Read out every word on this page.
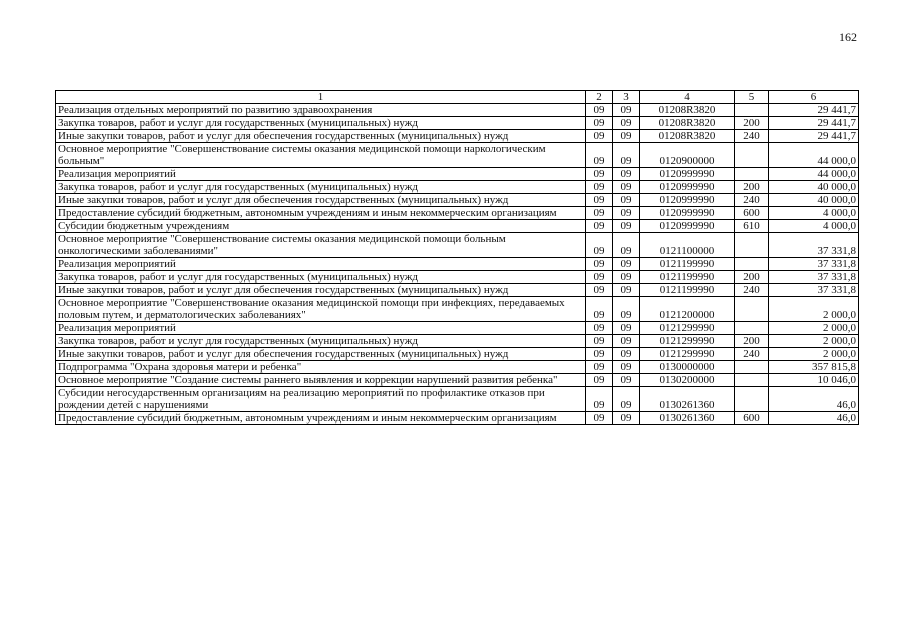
162
1	2	3	4	5	6
Реализация отдельных мероприятий по развитию здравоохранения	09	09	01208R3820		29 441,7
Закупка товаров, работ и услуг для государственных (муниципальных) нужд	09	09	01208R3820	200	29 441,7
Иные закупки товаров, работ и услуг для обеспечения государственных (муниципальных) нужд	09	09	01208R3820	240	29 441,7
Основное мероприятие "Совершенствование системы оказания медицинской помощи наркологическим больным"	09	09	0120900000		44 000,0
Реализация мероприятий	09	09	0120999990		44 000,0
Закупка товаров, работ и услуг для государственных (муниципальных) нужд	09	09	0120999990	200	40 000,0
Иные закупки товаров, работ и услуг для обеспечения государственных (муниципальных) нужд	09	09	0120999990	240	40 000,0
Предоставление субсидий бюджетным, автономным учреждениям и иным некоммерческим организациям	09	09	0120999990	600	4 000,0
Субсидии бюджетным учреждениям	09	09	0120999990	610	4 000,0
Основное мероприятие "Совершенствование системы оказания медицинской помощи больным онкологическими заболеваниями"	09	09	0121100000		37 331,8
Реализация мероприятий	09	09	0121199990		37 331,8
Закупка товаров, работ и услуг для государственных (муниципальных) нужд	09	09	0121199990	200	37 331,8
Иные закупки товаров, работ и услуг для обеспечения государственных (муниципальных) нужд	09	09	0121199990	240	37 331,8
Основное мероприятие "Совершенствование оказания медицинской помощи при инфекциях, передаваемых половым путем, и дерматологических заболеваниях"	09	09	0121200000		2 000,0
Реализация мероприятий	09	09	0121299990		2 000,0
Закупка товаров, работ и услуг для государственных (муниципальных) нужд	09	09	0121299990	200	2 000,0
Иные закупки товаров, работ и услуг для обеспечения государственных (муниципальных) нужд	09	09	0121299990	240	2 000,0
Подпрограмма "Охрана здоровья матери и ребенка"	09	09	0130000000		357 815,8
Основное мероприятие "Создание системы раннего выявления и коррекции нарушений развития ребенка"	09	09	0130200000		10 046,0
Субсидии негосударственным организациям на реализацию мероприятий по профилактике отказов при рождении детей с нарушениями	09	09	0130261360		46,0
Предоставление субсидий бюджетным, автономным учреждениям и иным некоммерческим организациям	09	09	0130261360	600	46,0
